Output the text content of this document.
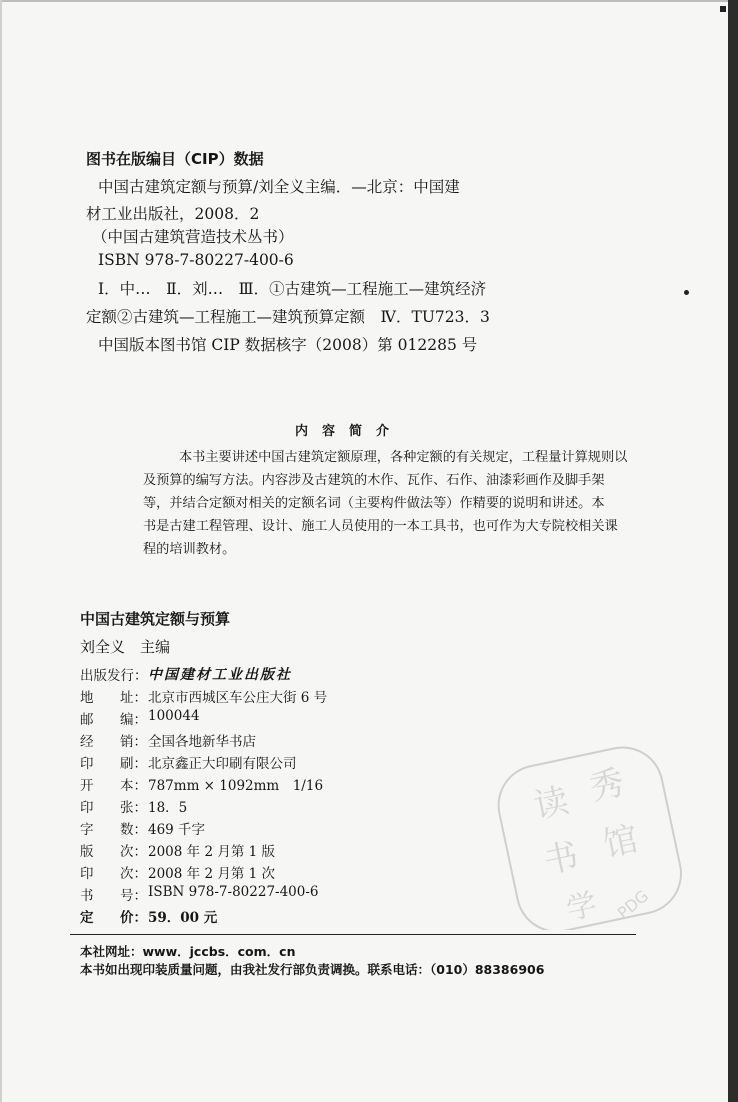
图书在版编目（CIP）数据
中国古建筑定额与预算/刘全义主编．—北京：中国建
材工业出版社，2008．2
（中国古建筑营造技术丛书）
ISBN 978-7-80227-400-6
Ⅰ．中…　Ⅱ．刘…　Ⅲ．①古建筑—工程施工—建筑经济
定额②古建筑—工程施工—建筑预算定额　Ⅳ．TU723．3
中国版本图书馆 CIP 数据核字（2008）第 012285 号
内容简介
本书主要讲述中国古建筑定额原理，各种定额的有关规定，工程量计算规则以
及预算的编写方法。内容涉及古建筑的木作、瓦作、石作、油漆彩画作及脚手架
等，并结合定额对相关的定额名词（主要构件做法等）作精要的说明和讲述。本
书是古建工程管理、设计、施工人员使用的一本工具书，也可作为大专院校相关课
程的培训教材。
中国古建筑定额与预算
刘全义　主编
出版发行： 中国建材工业出版社
地 址： 北京市西城区车公庄大街 6 号
邮 编： 100044
经 销： 全国各地新华书店
印 刷： 北京鑫正大印刷有限公司
开 本： 787mm × 1092mm　1/16
印 张： 18．5
字 数： 469 千字
版 次： 2008 年 2 月第 1 版
印 次： 2008 年 2 月第 1 次
书 号： ISBN 978-7-80227-400-6
定 价： 59．00 元
读 秀
书 馆
学 PDG
本社网址：www．jccbs．com．cn
本书如出现印装质量问题，由我社发行部负责调换。联系电话：（010）88386906
